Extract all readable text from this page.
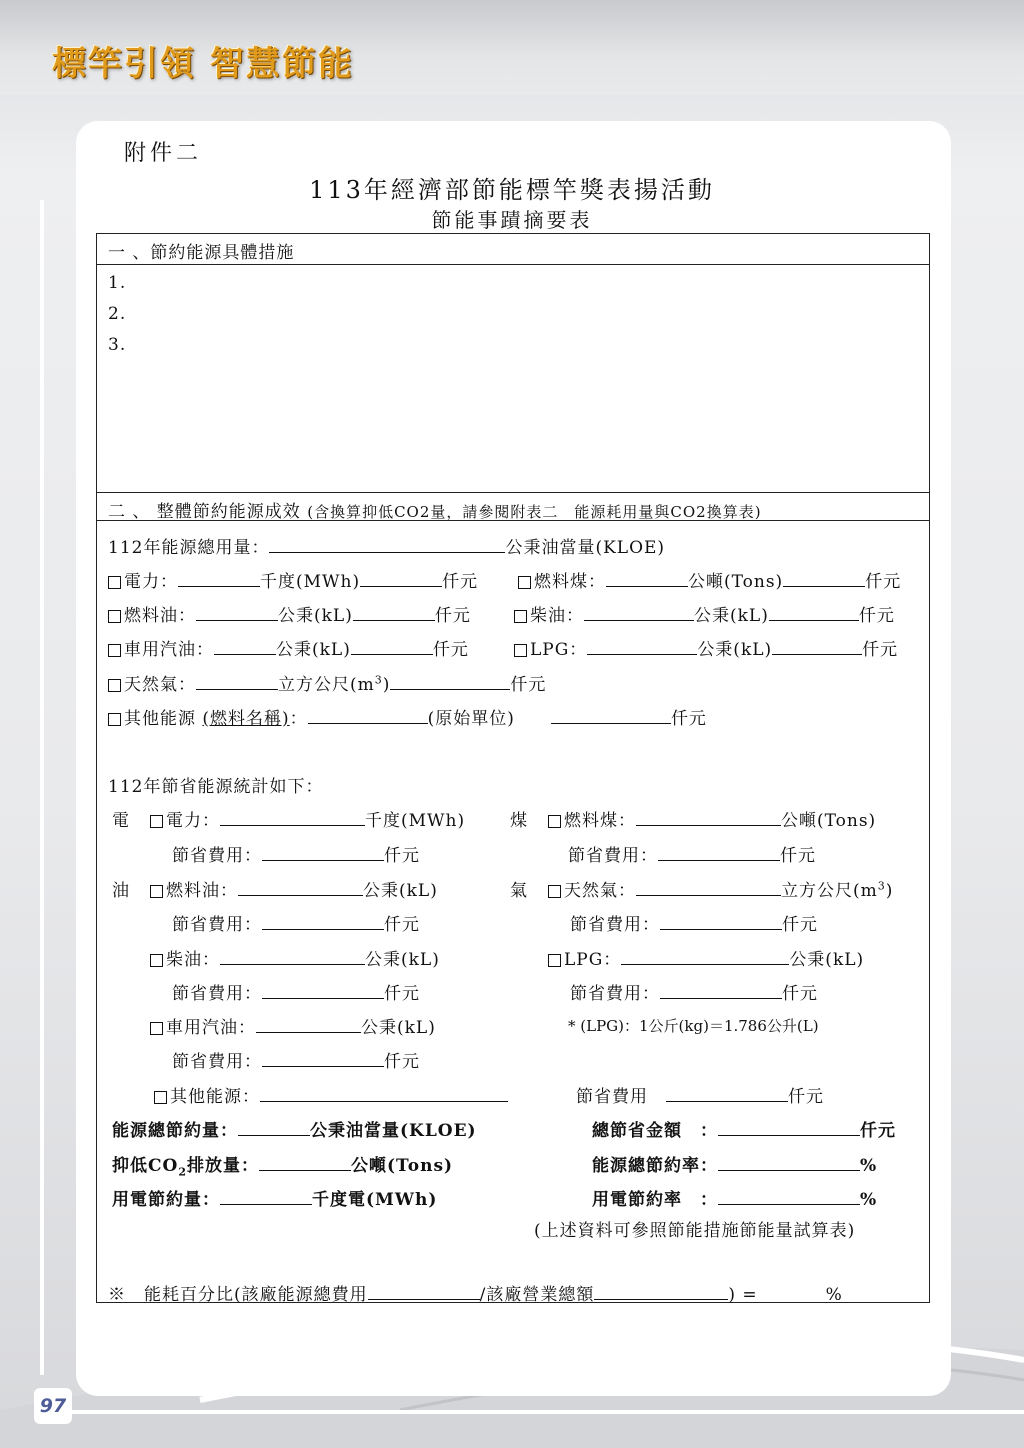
標竿引領 智慧節能
97
附件二
113年經濟部節能標竿獎表揚活動
節能事蹟摘要表
一 、節約能源具體措施
1.
2.
3.
二 、 整體節約能源成效 (含換算抑低CO2量，請參閱附表二　能源耗用量與CO2換算表)
112年能源總用量：	公秉油當量(KLOE)
電力：	千度(MWh)	仟元	燃料煤：	公噸(Tons)	仟元
燃料油：	公秉(kL)	仟元	柴油：	公秉(kL)	仟元
車用汽油：	公秉(kL)	仟元	LPG：	公秉(kL)	仟元
天然氣：	立方公尺$(m^3)$	仟元
其他能源 (燃料名稱)：	(原始單位)　　	仟元
112年節省能源統計如下：
電	電力：	千度(MWh)	煤	燃料煤：	公噸(Tons)
節省費用：	仟元	節省費用：	仟元
油	燃料油：	公秉(kL)	氣	天然氣：	立方公尺$(m^3)$
節省費用：	仟元	節省費用：	仟元
柴油：	公秉(kL)	LPG：	公秉(kL)
節省費用：	仟元	節省費用：	仟元
車用汽油：	公秉(kL)	* (LPG)：1公斤(kg)＝1.786公升(L)
節省費用：	仟元
其他能源：	節省費用　	仟元
能源總節約量：	公秉油當量(KLOE)	總節省金額　：	仟元
抑低$CO_2$排放量：	公噸(Tons)	能源總節約率：	%
用電節約量：	千度電(MWh)	用電節約率　：	%
(上述資料可參照節能措施節能量試算表)
※　能耗百分比(該廠能源總費用	/該廠營業總額	) =	%
